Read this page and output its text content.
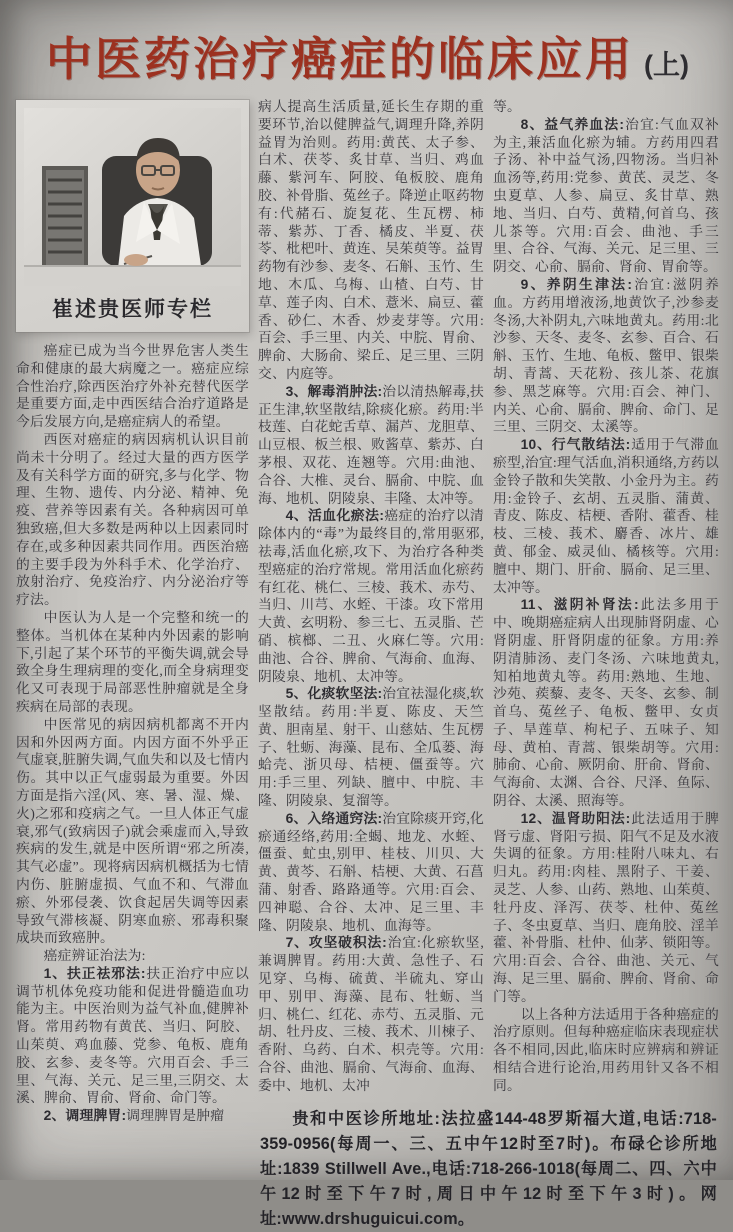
中医药治疗癌症的临床应用 (上)
崔述贵医师专栏

癌症已成为当今世界危害人类生命和健康的最大病魔之一。癌症应综合性治疗,除西医治疗外补充替代医学是重要方面,走中西医结合治疗道路是今后发展方向,是癌症病人的希望。

西医对癌症的病因病机认识目前尚未十分明了。经过大量的西方医学及有关科学方面的研究,多与化学、物理、生物、遗传、内分泌、精神、免疫、营养等因素有关。各种病因可单独致癌,但大多数是两种以上因素同时存在,或多种因素共同作用。西医治癌的主要手段为外科手术、化学治疗、放射治疗、免疫治疗、内分泌治疗等疗法。

中医认为人是一个完整和统一的整体。当机体在某种内外因素的影响下,引起了某个环节的平衡失调,就会导致全身生理病理的变化,而全身病理变化又可表现于局部恶性肿瘤就是全身疾病在局部的表现。

中医常见的病因病机都离不开内因和外因两方面。内因方面不外乎正气虚衰,脏腑失调,气血失和以及七情内伤。其中以正气虚弱最为重要。外因方面是指六淫(风、寒、暑、湿、燥、火)之邪和疫病之气。一旦人体正气虚衰,邪气(致病因子)就会乘虚而入,导致疾病的发生,就是中医所谓“邪之所凑,其气必虚”。现将病因病机概括为七情内伤、脏腑虚损、气血不和、气滞血瘀、外邪侵袭、饮食起居失调等因素导致气滞核凝、阴寒血瘀、邪毒积聚成块而致癌肿。

癌症辨证治法为:

1、扶正祛邪法:扶正治疗中应以调节机体免疫功能和促进骨髓造血功能为主。中医治则为益气补血,健脾补肾。常用药物有黄芪、当归、阿胶、山茱萸、鸡血藤、党参、龟板、鹿角胶、玄参、麦冬等。穴用百会、手三里、气海、关元、足三里,三阴交、太溪、脾俞、胃俞、肾俞、命门等。

2、调理脾胃:调理脾胃是肿瘤

病人提高生活质量,延长生存期的重要环节,治以健脾益气,调理升降,养阴益胃为治则。药用:黄芪、太子参、白术、茯苓、炙甘草、当归、鸡血藤、紫河车、阿胶、龟板胶、鹿角胶、补骨脂、菟丝子。降逆止呕药物有:代赭石、旋复花、生瓦楞、柿蒂、紫苏、丁香、橘皮、半夏、茯苓、枇杷叶、黄连、吴茱萸等。益胃药物有沙参、麦冬、石斛、玉竹、生地、木瓜、乌梅、山楂、白芍、甘草、莲子肉、白术、薏米、扁豆、藿香、砂仁、木香、炒麦芽等。穴用:百会、手三里、内关、中脘、胃俞、脾俞、大肠俞、梁丘、足三里、三阴交、内庭等。

3、解毒消肿法:治以清热解毒,扶正生津,软坚散结,除痰化瘀。药用:半枝莲、白花蛇舌草、漏芦、龙胆草、山豆根、板兰根、败酱草、紫苏、白茅根、双花、连翘等。穴用:曲池、合谷、大椎、灵台、膈俞、中脘、血海、地机、阴陵泉、丰隆、太冲等。

4、活血化瘀法:癌症的治疗以清除体内的“毒”为最终目的,常用驱邪,祛毒,活血化瘀,攻下、为治疗各种类型癌症的治疗常规。常用活血化瘀药有红花、桃仁、三棱、莪术、赤芍、当归、川芎、水蛭、干漆。攻下常用大黄、玄明粉、参三七、五灵脂、芒硝、槟榔、二丑、火麻仁等。穴用:曲池、合谷、脾俞、气海俞、血海、阴陵泉、地机、太冲等。

5、化痰软坚法:治宜祛湿化痰,软坚散结。药用:半夏、陈皮、天竺黄、胆南星、射干、山慈姑、生瓦楞子、牡蛎、海藻、昆布、全瓜蒌、海蛤壳、浙贝母、桔梗、僵蚕等。穴用:手三里、列缺、膻中、中脘、丰隆、阴陵泉、复溜等。

6、入络通窍法:治宜除痰开窍,化瘀通经络,药用:全蝎、地龙、水蛭、僵蚕、虻虫,别甲、桂枝、川贝、大黄、黄芩、石斛、桔梗、大黄、石菖蒲、射香、路路通等。穴用:百会、四神聪、合谷、太冲、足三里、丰隆、阴陵泉、地机、血海等。

7、攻坚破积法:治宜:化瘀软坚,兼调脾胃。药用:大黄、急性子、石见穿、乌梅、硫黄、半硫丸、穿山甲、别甲、海藻、昆布、牡蛎、当归、桃仁、红花、赤芍、五灵脂、元胡、牡丹皮、三棱、莪术、川楝子、香附、乌药、白术、枳壳等。穴用:合谷、曲池、膈俞、气海俞、血海、委中、地机、太冲

等。

8、益气养血法:治宜:气血双补为主,兼活血化瘀为辅。方药用四君子汤、补中益气汤,四物汤。当归补血汤等,药用:党参、黄芪、灵芝、冬虫夏草、人参、扁豆、炙甘草、熟地、当归、白芍、黄精,何首乌、孩儿茶等。穴用:百会、曲池、手三里、合谷、气海、关元、足三里、三阴交、心俞、膈俞、肾俞、胃俞等。

9、养阴生津法:治宜:滋阴养血。方药用增液汤,地黄饮子,沙参麦冬汤,大补阴丸,六味地黄丸。药用:北沙参、天冬、麦冬、玄参、百合、石斛、玉竹、生地、龟板、鳖甲、银柴胡、青蒿、天花粉、孩儿茶、花旗参、黑芝麻等。穴用:百会、神门、内关、心俞、膈俞、脾俞、命门、足三里、三阴交、太溪等。

10、行气散结法:适用于气滞血瘀型,治宜:理气活血,消积通络,方药以金铃子散和失笑散、小金丹为主。药用:金铃子、玄胡、五灵脂、蒲黄、青皮、陈皮、桔梗、香附、藿香、桂枝、三棱、莪术、麝香、冰片、雄黄、郁金、威灵仙、橘核等。穴用:膻中、期门、肝俞、膈俞、足三里、太冲等。

11、滋阴补肾法:此法多用于中、晚期癌症病人出现肺肾阴虚、心肾阴虚、肝肾阴虚的征象。方用:养阴清肺汤、麦门冬汤、六味地黄丸,知柏地黄丸等。药用:熟地、生地、沙苑、蒺藜、麦冬、天冬、玄参、制首乌、菟丝子、龟板、鳖甲、女贞子、旱莲草、枸杞子、五味子、知母、黄柏、青蒿、银柴胡等。穴用:肺俞、心俞、厥阴俞、肝俞、肾俞、气海俞、太渊、合谷、尺泽、鱼际、阴谷、太溪、照海等。

12、温肾助阳法:此法适用于脾肾亏虚、肾阳亏损、阳气不足及水液失调的征象。方用:桂附八味丸、右归丸。药用:肉桂、黑附子、干姜、灵芝、人参、山药、熟地、山茱萸、牡丹皮、泽泻、茯苓、杜仲、菟丝子、冬虫夏草、当归、鹿角胶、淫羊藿、补骨脂、杜仲、仙茅、锁阳等。穴用:百会、合谷、曲池、关元、气海、足三里、膈俞、脾俞、肾俞、命门等。

以上各种方法适用于各种癌症的治疗原则。但每种癌症临床表现症状各不相同,因此,临床时应辨病和辨证相结合进行论治,用药用针又各不相同。

贵和中医诊所地址:法拉盛144-48罗斯福大道,电话:718-359-0956(每周一、三、五中午12时至7时)。布碌仑诊所地址:1839 Stillwell Ave.,电话:718-266-1018(每周二、四、六中午12时至下午7时,周日中午12时至下午3时)。网址:www.drshuguicui.com。
